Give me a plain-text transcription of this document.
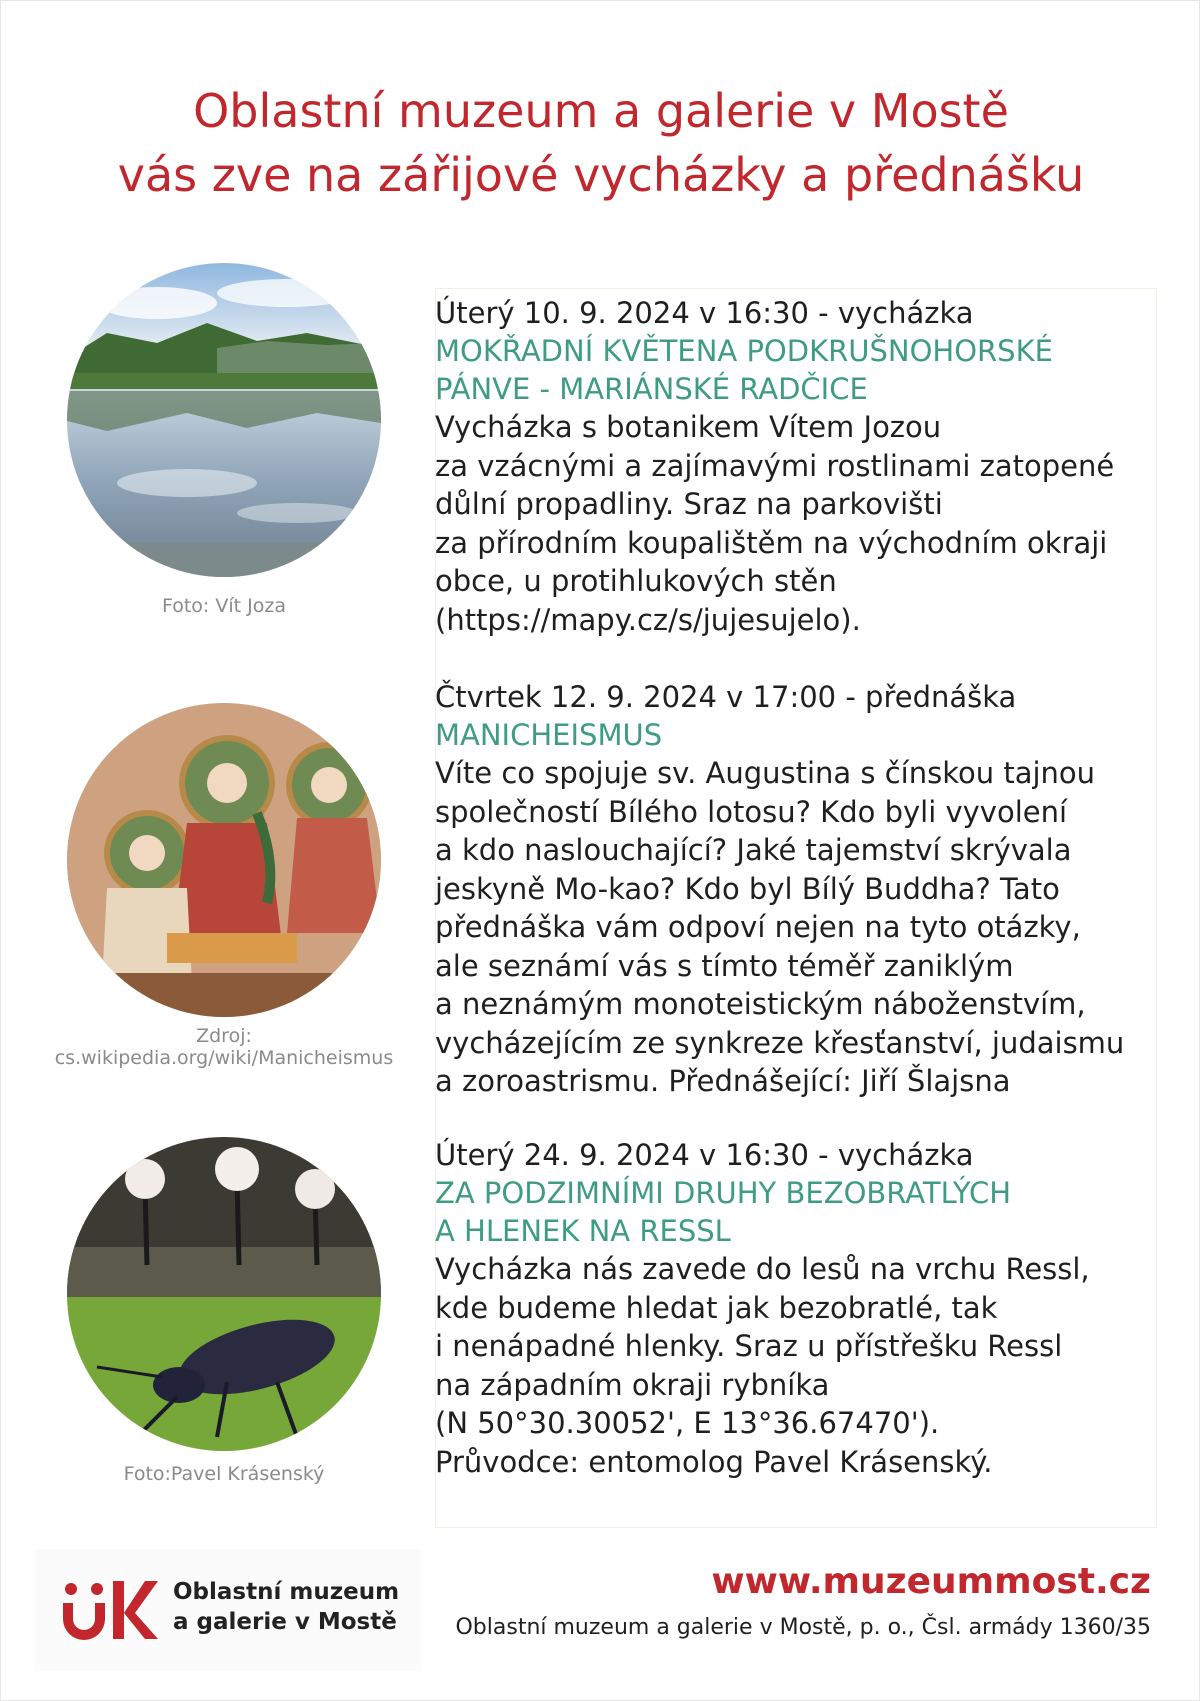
Oblastní muzeum a galerie v Mostě
vás zve na zářijové vycházky a přednášku
Foto: Vít Joza
Zdroj: cs.wikipedia.org/wiki/Manicheismus
Foto:Pavel Krásenský
Úterý 10. 9. 2024 v 16:30 - vycházka
MOKŘADNÍ KVĚTENA PODKRUŠNOHORSKÉ
PÁNVE - MARIÁNSKÉ RADČICE
Vycházka s botanikem Vítem Jozou
za vzácnými a zajímavými rostlinami zatopené
důlní propadliny. Sraz na parkovišti
za přírodním koupalištěm na východním okraji
obce, u protihlukových stěn
(https://mapy.cz/s/jujesujelo).
Čtvrtek 12. 9. 2024 v 17:00 - přednáška
MANICHEISMUS
Víte co spojuje sv. Augustina s čínskou tajnou
společností Bílého lotosu? Kdo byli vyvolení
a kdo naslouchající? Jaké tajemství skrývala
jeskyně Mo-kao? Kdo byl Bílý Buddha? Tato
přednáška vám odpoví nejen na tyto otázky,
ale seznámí vás s tímto téměř zaniklým
a neznámým monoteistickým náboženstvím,
vycházejícím ze synkreze křesťanství, judaismu
a zoroastrismu. Přednášející: Jiří Šlajsna
Úterý 24. 9. 2024 v 16:30 - vycházka
ZA PODZIMNÍMI DRUHY BEZOBRATLÝCH
A HLENEK NA RESSL
Vycházka nás zavede do lesů na vrchu Ressl,
kde budeme hledat jak bezobratlé, tak
i nenápadné hlenky. Sraz u přístřešku Ressl
na západním okraji rybníka
(N 50°30.30052', E 13°36.67470').
Průvodce: entomolog Pavel Krásenský.
Oblastní muzeum
a galerie v Mostě
www.muzeummost.cz
Oblastní muzeum a galerie v Mostě, p. o., Čsl. armády 1360/35
